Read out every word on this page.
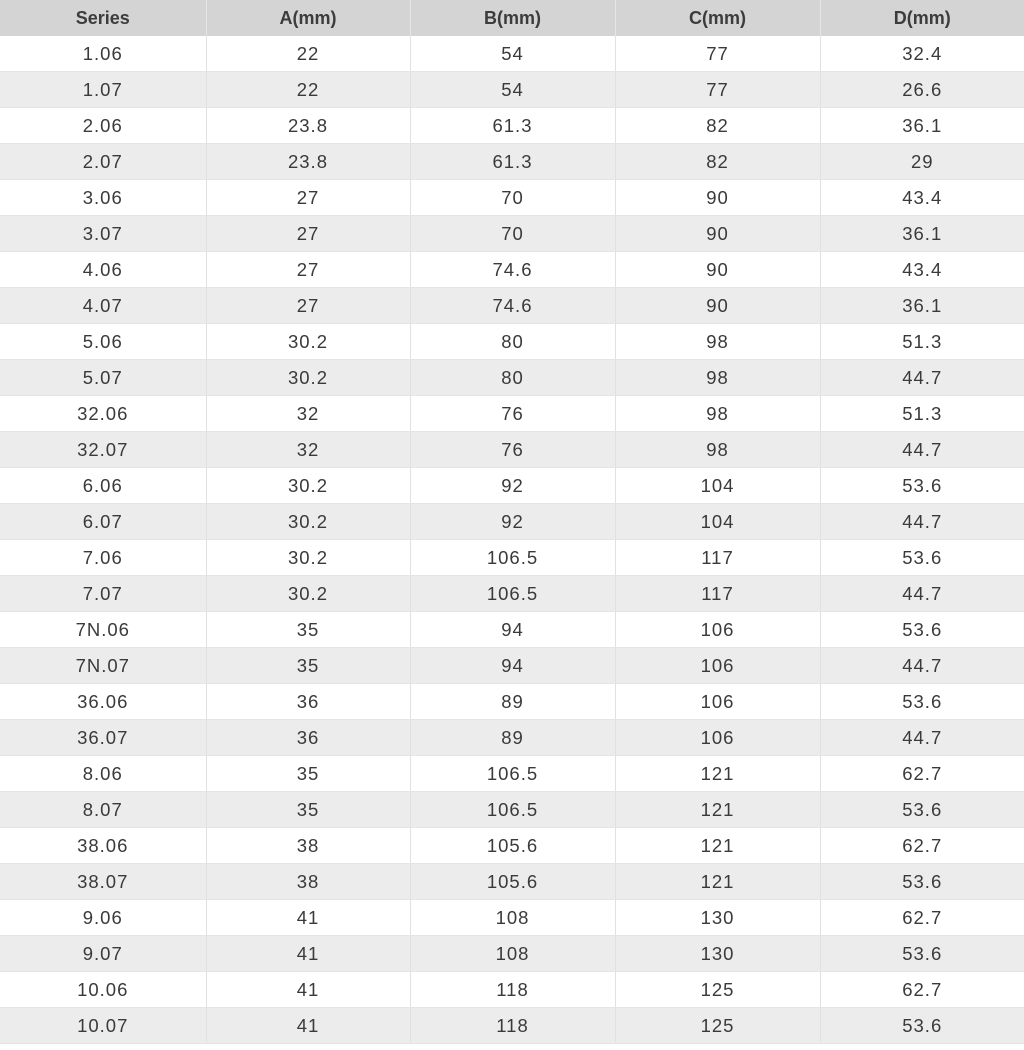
Series	A(mm)	B(mm)	C(mm)	D(mm)
1.06	22	54	77	32.4
1.07	22	54	77	26.6
2.06	23.8	61.3	82	36.1
2.07	23.8	61.3	82	29
3.06	27	70	90	43.4
3.07	27	70	90	36.1
4.06	27	74.6	90	43.4
4.07	27	74.6	90	36.1
5.06	30.2	80	98	51.3
5.07	30.2	80	98	44.7
32.06	32	76	98	51.3
32.07	32	76	98	44.7
6.06	30.2	92	104	53.6
6.07	30.2	92	104	44.7
7.06	30.2	106.5	117	53.6
7.07	30.2	106.5	117	44.7
7N.06	35	94	106	53.6
7N.07	35	94	106	44.7
36.06	36	89	106	53.6
36.07	36	89	106	44.7
8.06	35	106.5	121	62.7
8.07	35	106.5	121	53.6
38.06	38	105.6	121	62.7
38.07	38	105.6	121	53.6
9.06	41	108	130	62.7
9.07	41	108	130	53.6
10.06	41	118	125	62.7
10.07	41	118	125	53.6
